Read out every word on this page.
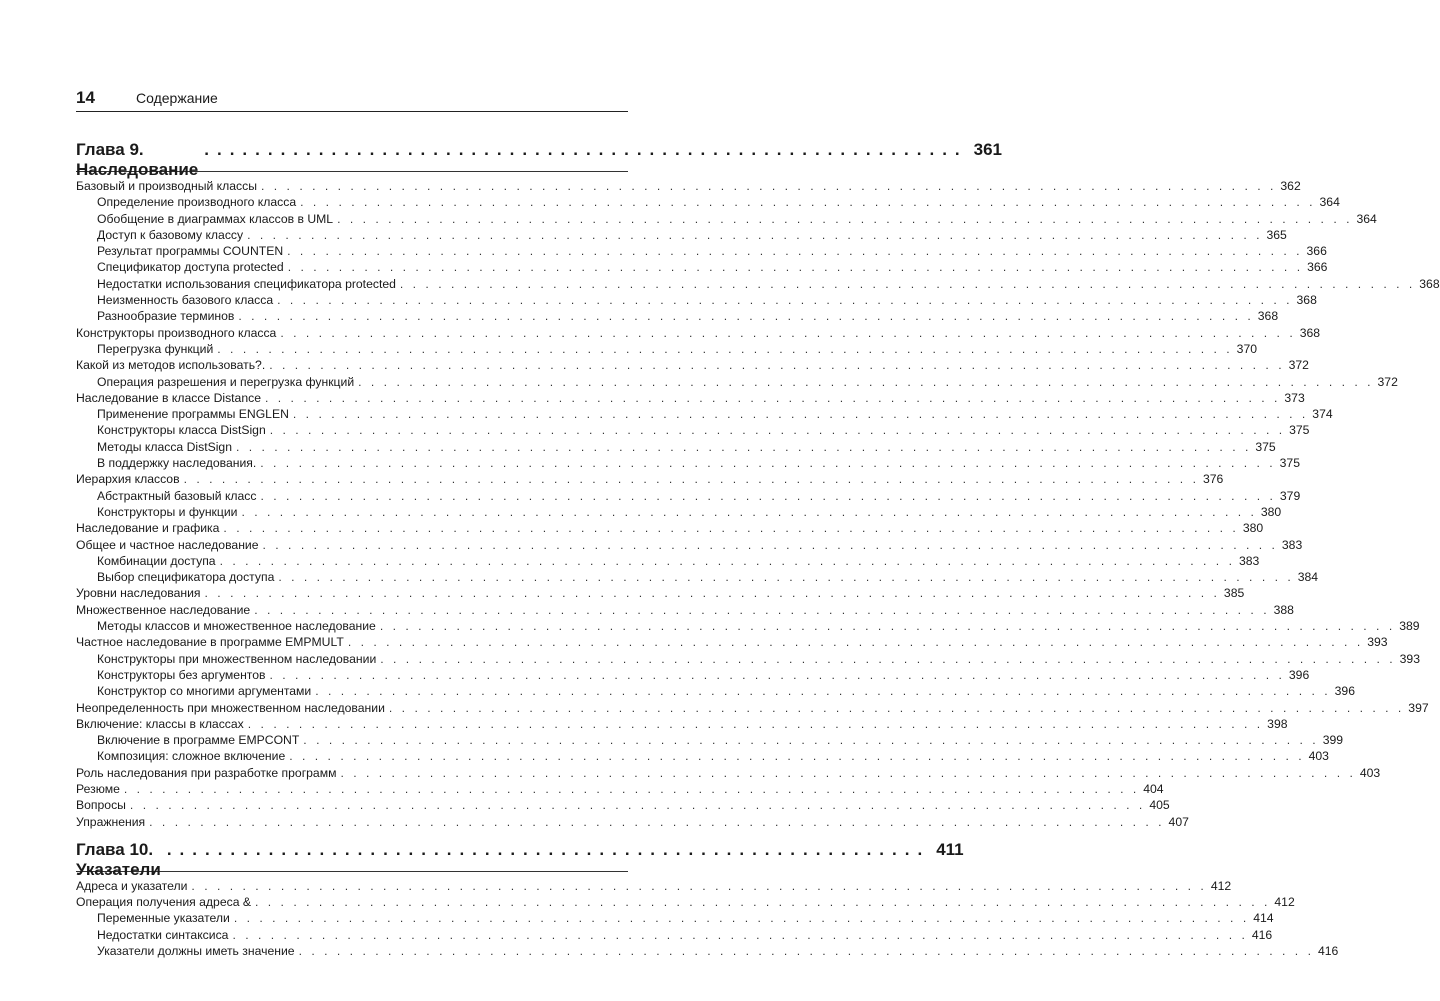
14	Содержание
Глава 9. Наследование
............................................................ 361
Базовый и производный классы . . . . . . . . . . . . . . . . . . . . . . . . . . . . . . . . . . . . . . . . . . . . . . . . . . . . . . . . . . . . . . . . . . . . . . . . . . . . . . . . 362
Определение производного класса . . . . . . . . . . . . . . . . . . . . . . . . . . . . . . . . . . . . . . . . . . . . . . . . . . . . . . . . . . . . . . . . . . . . . . . . . . . . . . . . 364
Обобщение в диаграммах классов в UML . . . . . . . . . . . . . . . . . . . . . . . . . . . . . . . . . . . . . . . . . . . . . . . . . . . . . . . . . . . . . . . . . . . . . . . . . . . . . . . . 364
Доступ к базовому классу . . . . . . . . . . . . . . . . . . . . . . . . . . . . . . . . . . . . . . . . . . . . . . . . . . . . . . . . . . . . . . . . . . . . . . . . . . . . . . . . 365
Результат программы COUNTEN . . . . . . . . . . . . . . . . . . . . . . . . . . . . . . . . . . . . . . . . . . . . . . . . . . . . . . . . . . . . . . . . . . . . . . . . . . . . . . . . 366
Спецификатор доступа protected . . . . . . . . . . . . . . . . . . . . . . . . . . . . . . . . . . . . . . . . . . . . . . . . . . . . . . . . . . . . . . . . . . . . . . . . . . . . . . . . 366
Недостатки использования спецификатора protected . . . . . . . . . . . . . . . . . . . . . . . . . . . . . . . . . . . . . . . . . . . . . . . . . . . . . . . . . . . . . . . . . . . . . . . . . . . . . . . . 368
Неизменность базового класса . . . . . . . . . . . . . . . . . . . . . . . . . . . . . . . . . . . . . . . . . . . . . . . . . . . . . . . . . . . . . . . . . . . . . . . . . . . . . . . . 368
Разнообразие терминов . . . . . . . . . . . . . . . . . . . . . . . . . . . . . . . . . . . . . . . . . . . . . . . . . . . . . . . . . . . . . . . . . . . . . . . . . . . . . . . . 368
Конструкторы производного класса . . . . . . . . . . . . . . . . . . . . . . . . . . . . . . . . . . . . . . . . . . . . . . . . . . . . . . . . . . . . . . . . . . . . . . . . . . . . . . . . 368
Перегрузка функций . . . . . . . . . . . . . . . . . . . . . . . . . . . . . . . . . . . . . . . . . . . . . . . . . . . . . . . . . . . . . . . . . . . . . . . . . . . . . . . . 370
Какой из методов использовать?. . . . . . . . . . . . . . . . . . . . . . . . . . . . . . . . . . . . . . . . . . . . . . . . . . . . . . . . . . . . . . . . . . . . . . . . . . . . . . . . . 372
Операция разрешения и перегрузка функций . . . . . . . . . . . . . . . . . . . . . . . . . . . . . . . . . . . . . . . . . . . . . . . . . . . . . . . . . . . . . . . . . . . . . . . . . . . . . . . . 372
Наследование в классе Distance . . . . . . . . . . . . . . . . . . . . . . . . . . . . . . . . . . . . . . . . . . . . . . . . . . . . . . . . . . . . . . . . . . . . . . . . . . . . . . . . 373
Применение программы ENGLEN . . . . . . . . . . . . . . . . . . . . . . . . . . . . . . . . . . . . . . . . . . . . . . . . . . . . . . . . . . . . . . . . . . . . . . . . . . . . . . . . 374
Конструкторы класса DistSign . . . . . . . . . . . . . . . . . . . . . . . . . . . . . . . . . . . . . . . . . . . . . . . . . . . . . . . . . . . . . . . . . . . . . . . . . . . . . . . . 375
Методы класса DistSign . . . . . . . . . . . . . . . . . . . . . . . . . . . . . . . . . . . . . . . . . . . . . . . . . . . . . . . . . . . . . . . . . . . . . . . . . . . . . . . . 375
В поддержку наследования. . . . . . . . . . . . . . . . . . . . . . . . . . . . . . . . . . . . . . . . . . . . . . . . . . . . . . . . . . . . . . . . . . . . . . . . . . . . . . . . . 375
Иерархия классов . . . . . . . . . . . . . . . . . . . . . . . . . . . . . . . . . . . . . . . . . . . . . . . . . . . . . . . . . . . . . . . . . . . . . . . . . . . . . . . . 376
Абстрактный базовый класс . . . . . . . . . . . . . . . . . . . . . . . . . . . . . . . . . . . . . . . . . . . . . . . . . . . . . . . . . . . . . . . . . . . . . . . . . . . . . . . . 379
Конструкторы и функции . . . . . . . . . . . . . . . . . . . . . . . . . . . . . . . . . . . . . . . . . . . . . . . . . . . . . . . . . . . . . . . . . . . . . . . . . . . . . . . . 380
Наследование и графика . . . . . . . . . . . . . . . . . . . . . . . . . . . . . . . . . . . . . . . . . . . . . . . . . . . . . . . . . . . . . . . . . . . . . . . . . . . . . . . . 380
Общее и частное наследование . . . . . . . . . . . . . . . . . . . . . . . . . . . . . . . . . . . . . . . . . . . . . . . . . . . . . . . . . . . . . . . . . . . . . . . . . . . . . . . . 383
Комбинации доступа . . . . . . . . . . . . . . . . . . . . . . . . . . . . . . . . . . . . . . . . . . . . . . . . . . . . . . . . . . . . . . . . . . . . . . . . . . . . . . . . 383
Выбор спецификатора доступа . . . . . . . . . . . . . . . . . . . . . . . . . . . . . . . . . . . . . . . . . . . . . . . . . . . . . . . . . . . . . . . . . . . . . . . . . . . . . . . . 384
Уровни наследования . . . . . . . . . . . . . . . . . . . . . . . . . . . . . . . . . . . . . . . . . . . . . . . . . . . . . . . . . . . . . . . . . . . . . . . . . . . . . . . . 385
Множественное наследование . . . . . . . . . . . . . . . . . . . . . . . . . . . . . . . . . . . . . . . . . . . . . . . . . . . . . . . . . . . . . . . . . . . . . . . . . . . . . . . . 388
Методы классов и множественное наследование . . . . . . . . . . . . . . . . . . . . . . . . . . . . . . . . . . . . . . . . . . . . . . . . . . . . . . . . . . . . . . . . . . . . . . . . . . . . . . . . 389
Частное наследование в программе EMPMULT . . . . . . . . . . . . . . . . . . . . . . . . . . . . . . . . . . . . . . . . . . . . . . . . . . . . . . . . . . . . . . . . . . . . . . . . . . . . . . . . 393
Конструкторы при множественном наследовании . . . . . . . . . . . . . . . . . . . . . . . . . . . . . . . . . . . . . . . . . . . . . . . . . . . . . . . . . . . . . . . . . . . . . . . . . . . . . . . . 393
Конструкторы без аргументов . . . . . . . . . . . . . . . . . . . . . . . . . . . . . . . . . . . . . . . . . . . . . . . . . . . . . . . . . . . . . . . . . . . . . . . . . . . . . . . . 396
Конструктор со многими аргументами . . . . . . . . . . . . . . . . . . . . . . . . . . . . . . . . . . . . . . . . . . . . . . . . . . . . . . . . . . . . . . . . . . . . . . . . . . . . . . . . 396
Неопределенность при множественном наследовании . . . . . . . . . . . . . . . . . . . . . . . . . . . . . . . . . . . . . . . . . . . . . . . . . . . . . . . . . . . . . . . . . . . . . . . . . . . . . . . . 397
Включение: классы в классах . . . . . . . . . . . . . . . . . . . . . . . . . . . . . . . . . . . . . . . . . . . . . . . . . . . . . . . . . . . . . . . . . . . . . . . . . . . . . . . . 398
Включение в программе EMPCONT . . . . . . . . . . . . . . . . . . . . . . . . . . . . . . . . . . . . . . . . . . . . . . . . . . . . . . . . . . . . . . . . . . . . . . . . . . . . . . . . 399
Композиция: сложное включение . . . . . . . . . . . . . . . . . . . . . . . . . . . . . . . . . . . . . . . . . . . . . . . . . . . . . . . . . . . . . . . . . . . . . . . . . . . . . . . . 403
Роль наследования при разработке программ . . . . . . . . . . . . . . . . . . . . . . . . . . . . . . . . . . . . . . . . . . . . . . . . . . . . . . . . . . . . . . . . . . . . . . . . . . . . . . . . 403
Резюме . . . . . . . . . . . . . . . . . . . . . . . . . . . . . . . . . . . . . . . . . . . . . . . . . . . . . . . . . . . . . . . . . . . . . . . . . . . . . . . . 404
Вопросы . . . . . . . . . . . . . . . . . . . . . . . . . . . . . . . . . . . . . . . . . . . . . . . . . . . . . . . . . . . . . . . . . . . . . . . . . . . . . . . . 405
Упражнения . . . . . . . . . . . . . . . . . . . . . . . . . . . . . . . . . . . . . . . . . . . . . . . . . . . . . . . . . . . . . . . . . . . . . . . . . . . . . . . . 407
Глава 10. Указатели
............................................................ 411
Адреса и указатели . . . . . . . . . . . . . . . . . . . . . . . . . . . . . . . . . . . . . . . . . . . . . . . . . . . . . . . . . . . . . . . . . . . . . . . . . . . . . . . . 412
Операция получения адреса & . . . . . . . . . . . . . . . . . . . . . . . . . . . . . . . . . . . . . . . . . . . . . . . . . . . . . . . . . . . . . . . . . . . . . . . . . . . . . . . . 412
Переменные указатели . . . . . . . . . . . . . . . . . . . . . . . . . . . . . . . . . . . . . . . . . . . . . . . . . . . . . . . . . . . . . . . . . . . . . . . . . . . . . . . . 414
Недостатки синтаксиса . . . . . . . . . . . . . . . . . . . . . . . . . . . . . . . . . . . . . . . . . . . . . . . . . . . . . . . . . . . . . . . . . . . . . . . . . . . . . . . . 416
Указатели должны иметь значение . . . . . . . . . . . . . . . . . . . . . . . . . . . . . . . . . . . . . . . . . . . . . . . . . . . . . . . . . . . . . . . . . . . . . . . . . . . . . . . . 416
